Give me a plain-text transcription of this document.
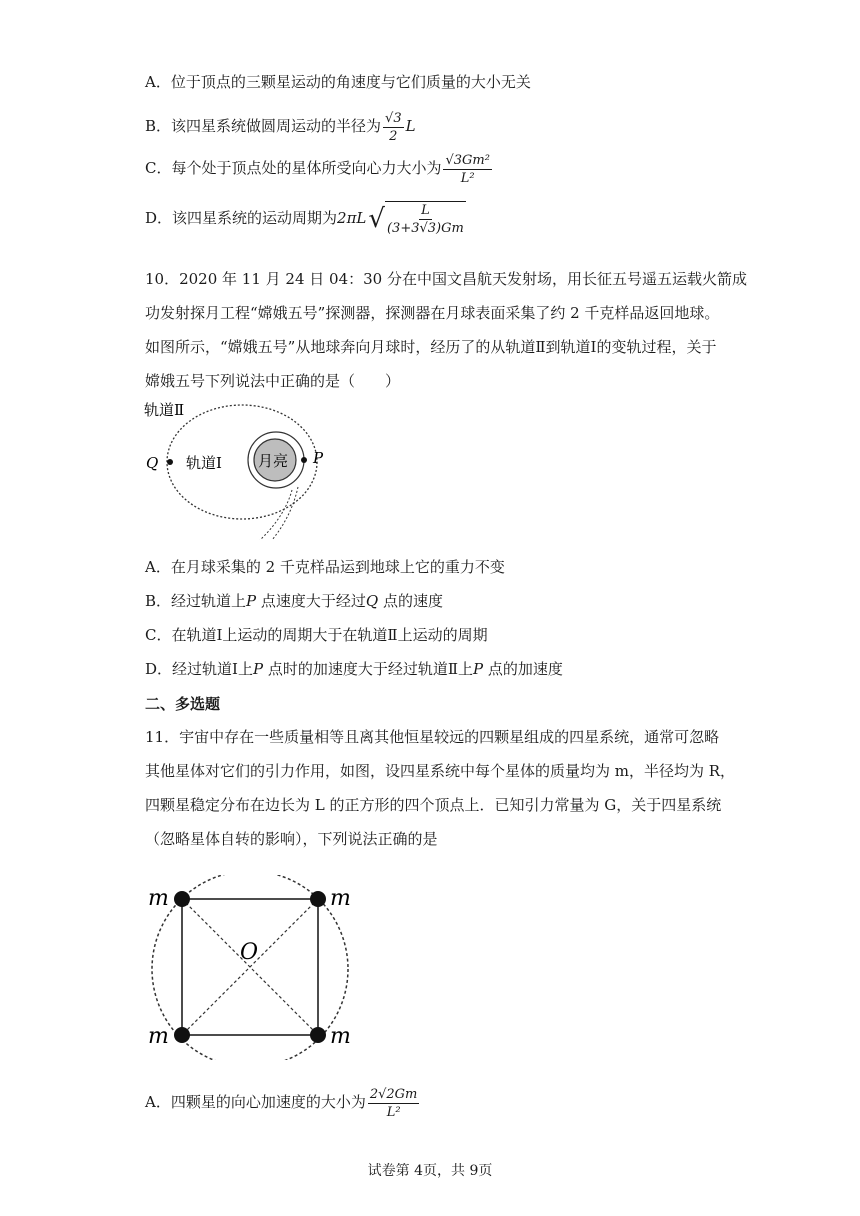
A．位于顶点的三颗星运动的角速度与它们质量的大小无关
B．该四星系统做圆周运动的半径为 $\frac{√3}{2}$ L
C．每个处于顶点处的星体所受向心力大小为 $\frac{\text{√3Gm²}}{\text{L²}}$
D．该四星系统的运动周期为$2\pi L√ \frac{L}{(3+3√3)Gm}$
10．2020 年 11 月 24 日 04：30 分在中国文昌航天发射场，用长征五号遥五运载火箭成
功发射探月工程“嫦娥五号”探测器，探测器在月球表面采集了约 2 千克样品返回地球。
如图所示，“嫦娥五号”从地球奔向月球时，经历了的从轨道Ⅱ到轨道Ⅰ的变轨过程，关于
嫦娥五号下列说法中正确的是（　　）
轨道Ⅱ
月亮
Q 轨道Ⅰ	P
A．在月球采集的 2 千克样品运到地球上它的重力不变
B．经过轨道上P 点速度大于经过Q 点的速度
C．在轨道Ⅰ上运动的周期大于在轨道Ⅱ上运动的周期
D．经过轨道Ⅰ上P 点时的加速度大于经过轨道Ⅱ上P 点的加速度
二、多选题
11．宇宙中存在一些质量相等且离其他恒星较远的四颗星组成的四星系统，通常可忽略
其他星体对它们的引力作用，如图，设四星系统中每个星体的质量均为 m，半径均为 R，
四颗星稳定分布在边长为 L 的正方形的四个顶点上．已知引力常量为 G，关于四星系统
（忽略星体自转的影响），下列说法正确的是
m	m
m	m
O
A．四颗星的向心加速度的大小为 $\frac{2√2Gm}{\text{L²}}$
试卷第 4页，共 9页
